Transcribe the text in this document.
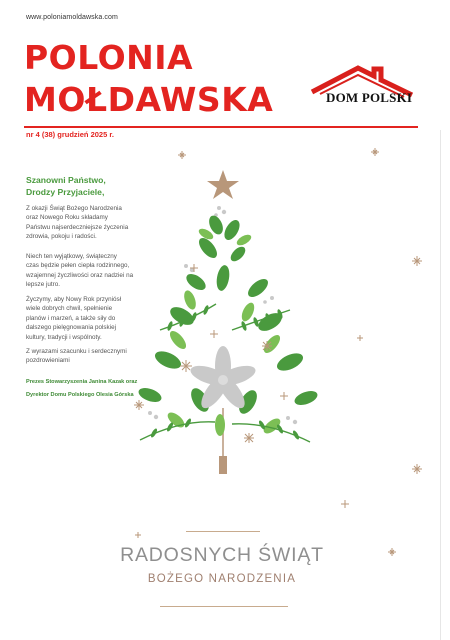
www.poloniamoldawska.com
POLONIA
MOŁDAWSKA	DOM POLSKI
nr 4 (38) grudzień 2025 r.
Szanowni Państwo,
Drodzy Przyjaciele,
Z okazji Świąt Bożego Narodzenia
oraz Nowego Roku składamy
Państwu najserdeczniejsze życzenia
zdrowia, pokoju i radości.
Niech ten wyjątkowy, świąteczny
czas będzie pełen ciepła rodzinnego,
wzajemnej życzliwości oraz nadziei na
lepsze jutro.
Życzymy, aby Nowy Rok przyniósł
wiele dobrych chwil, spełnienie
planów i marzeń, a także siły do
dalszego pielęgnowania polskiej
kultury, tradycji i wspólnoty.
Z wyrazami szacunku i serdecznymi
pozdrowieniami
Prezes Stowarzyszenia Janina Kazak oraz
Dyrektor Domu Polskiego Olesia Górska
RADOSNYCH ŚWIĄT
BOŻEGO NARODZENIA
